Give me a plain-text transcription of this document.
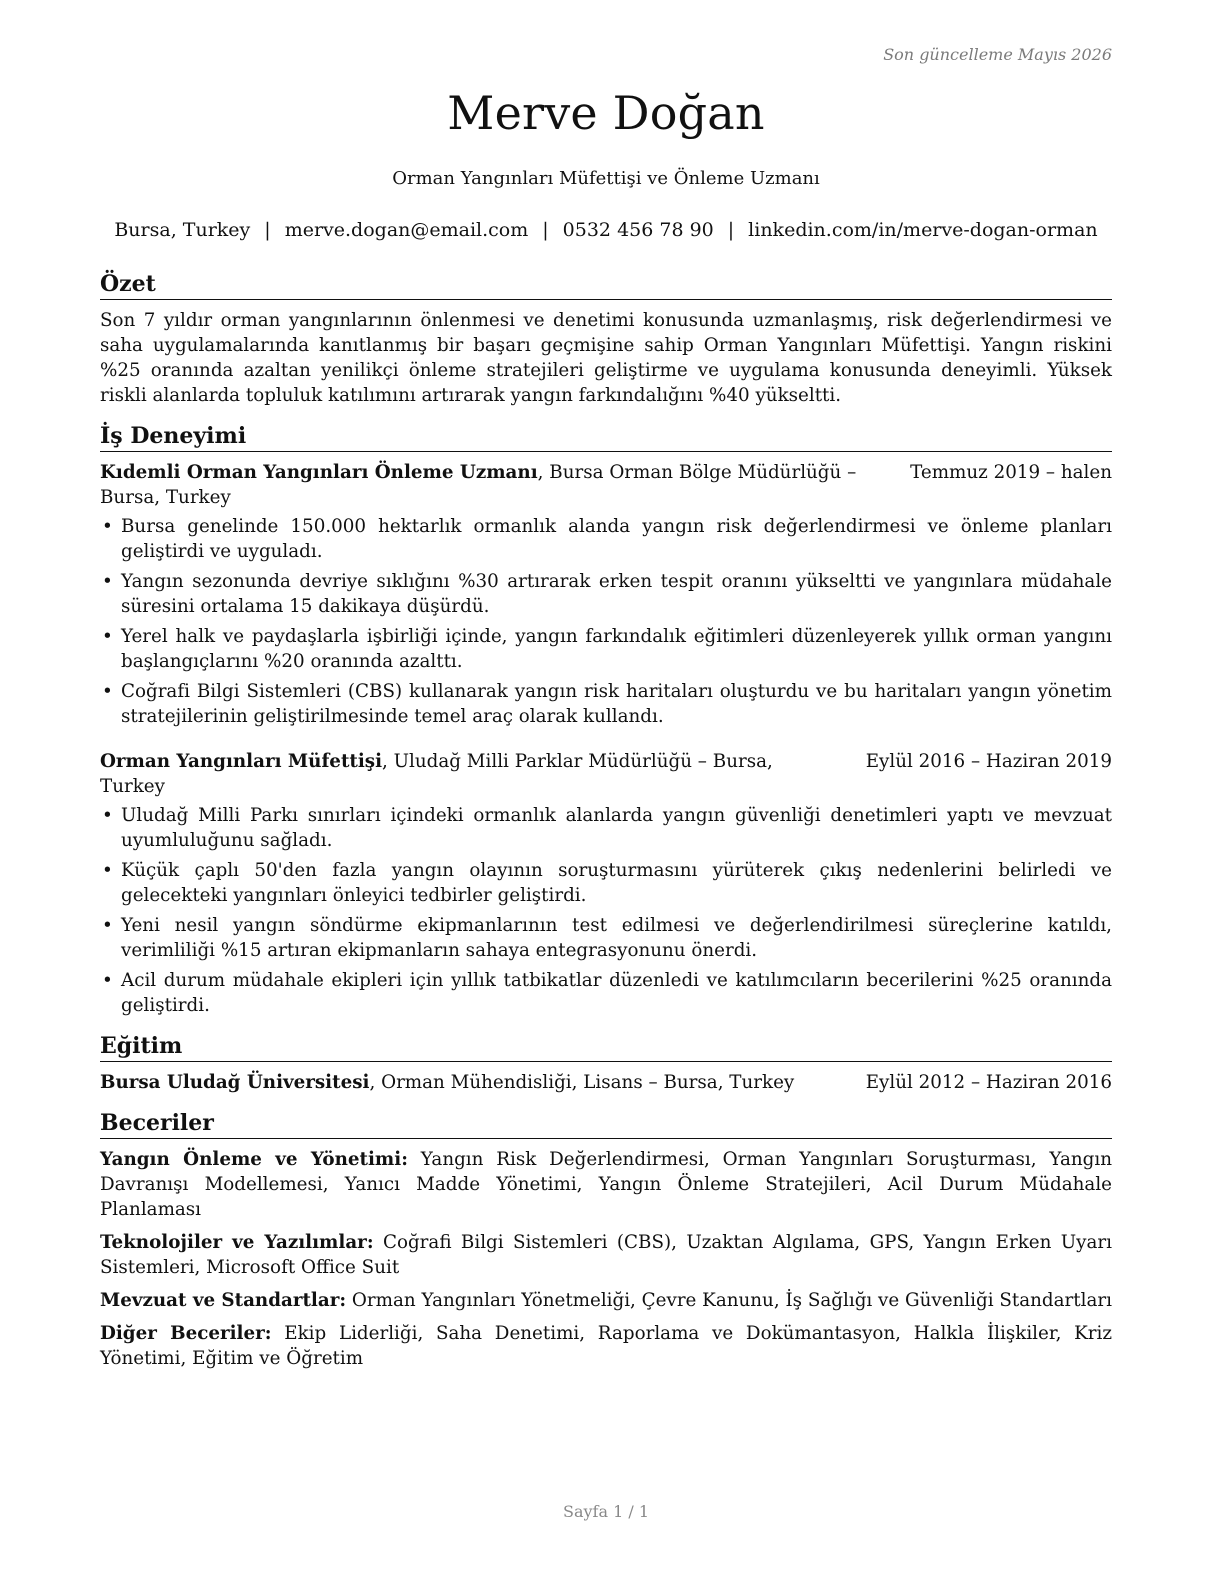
Son güncelleme Mayıs 2026
Merve Doğan
Orman Yangınları Müfettişi ve Önleme Uzmanı
Bursa, Turkey | merve.dogan@email.com | 0532 456 78 90 | linkedin.com/in/merve-dogan-orman
Özet

Son 7 yıldır orman yangınlarının önlenmesi ve denetimi konusunda uzmanlaşmış, risk değerlendirmesi ve saha uygulamalarında kanıtlanmış bir başarı geçmişine sahip Orman Yangınları Müfettişi. Yangın riskini %25 oranında azaltan yenilikçi önleme stratejileri geliştirme ve uygulama konusunda deneyimli. Yüksek riskli alanlarda topluluk katılımını artırarak yangın farkındalığını %40 yükseltti.

İş Deneyimi
Kıdemli Orman Yangınları Önleme Uzmanı, Bursa Orman Bölge Müdürlüğü – Bursa, Turkey
Temmuz 2019 – halen
• Bursa genelinde 150.000 hektarlık ormanlık alanda yangın risk değerlendirmesi ve önleme planları geliştirdi ve uyguladı.
• Yangın sezonunda devriye sıklığını %30 artırarak erken tespit oranını yükseltti ve yangınlara müdahale süresini ortalama 15 dakikaya düşürdü.
• Yerel halk ve paydaşlarla işbirliği içinde, yangın farkındalık eğitimleri düzenleyerek yıllık orman yangını başlangıçlarını %20 oranında azalttı.
• Coğrafi Bilgi Sistemleri (CBS) kullanarak yangın risk haritaları oluşturdu ve bu haritaları yangın yönetim stratejilerinin geliştirilmesinde temel araç olarak kullandı.
Orman Yangınları Müfettişi, Uludağ Milli Parklar Müdürlüğü – Bursa, Turkey
Eylül 2016 – Haziran 2019
• Uludağ Milli Parkı sınırları içindeki ormanlık alanlarda yangın güvenliği denetimleri yaptı ve mevzuat uyumluluğunu sağladı.
• Küçük çaplı 50'den fazla yangın olayının soruşturmasını yürüterek çıkış nedenlerini belirledi ve gelecekteki yangınları önleyici tedbirler geliştirdi.
• Yeni nesil yangın söndürme ekipmanlarının test edilmesi ve değerlendirilmesi süreçlerine katıldı, verimliliği %15 artıran ekipmanların sahaya entegrasyonunu önerdi.
• Acil durum müdahale ekipleri için yıllık tatbikatlar düzenledi ve katılımcıların becerilerini %25 oranında geliştirdi.
Eğitim
Bursa Uludağ Üniversitesi, Orman Mühendisliği, Lisans – Bursa, Turkey	Eylül 2012 – Haziran 2016
Beceriler

Yangın Önleme ve Yönetimi: Yangın Risk Değerlendirmesi, Orman Yangınları Soruşturması, Yangın Davranışı Modellemesi, Yanıcı Madde Yönetimi, Yangın Önleme Stratejileri, Acil Durum Müdahale Planlaması

Teknolojiler ve Yazılımlar: Coğrafi Bilgi Sistemleri (CBS), Uzaktan Algılama, GPS, Yangın Erken Uyarı Sistemleri, Microsoft Office Suit

Mevzuat ve Standartlar: Orman Yangınları Yönetmeliği, Çevre Kanunu, İş Sağlığı ve Güvenliği Standartları

Diğer Beceriler: Ekip Liderliği, Saha Denetimi, Raporlama ve Dokümantasyon, Halkla İlişkiler, Kriz Yönetimi, Eğitim ve Öğretim

Sayfa 1 / 1
